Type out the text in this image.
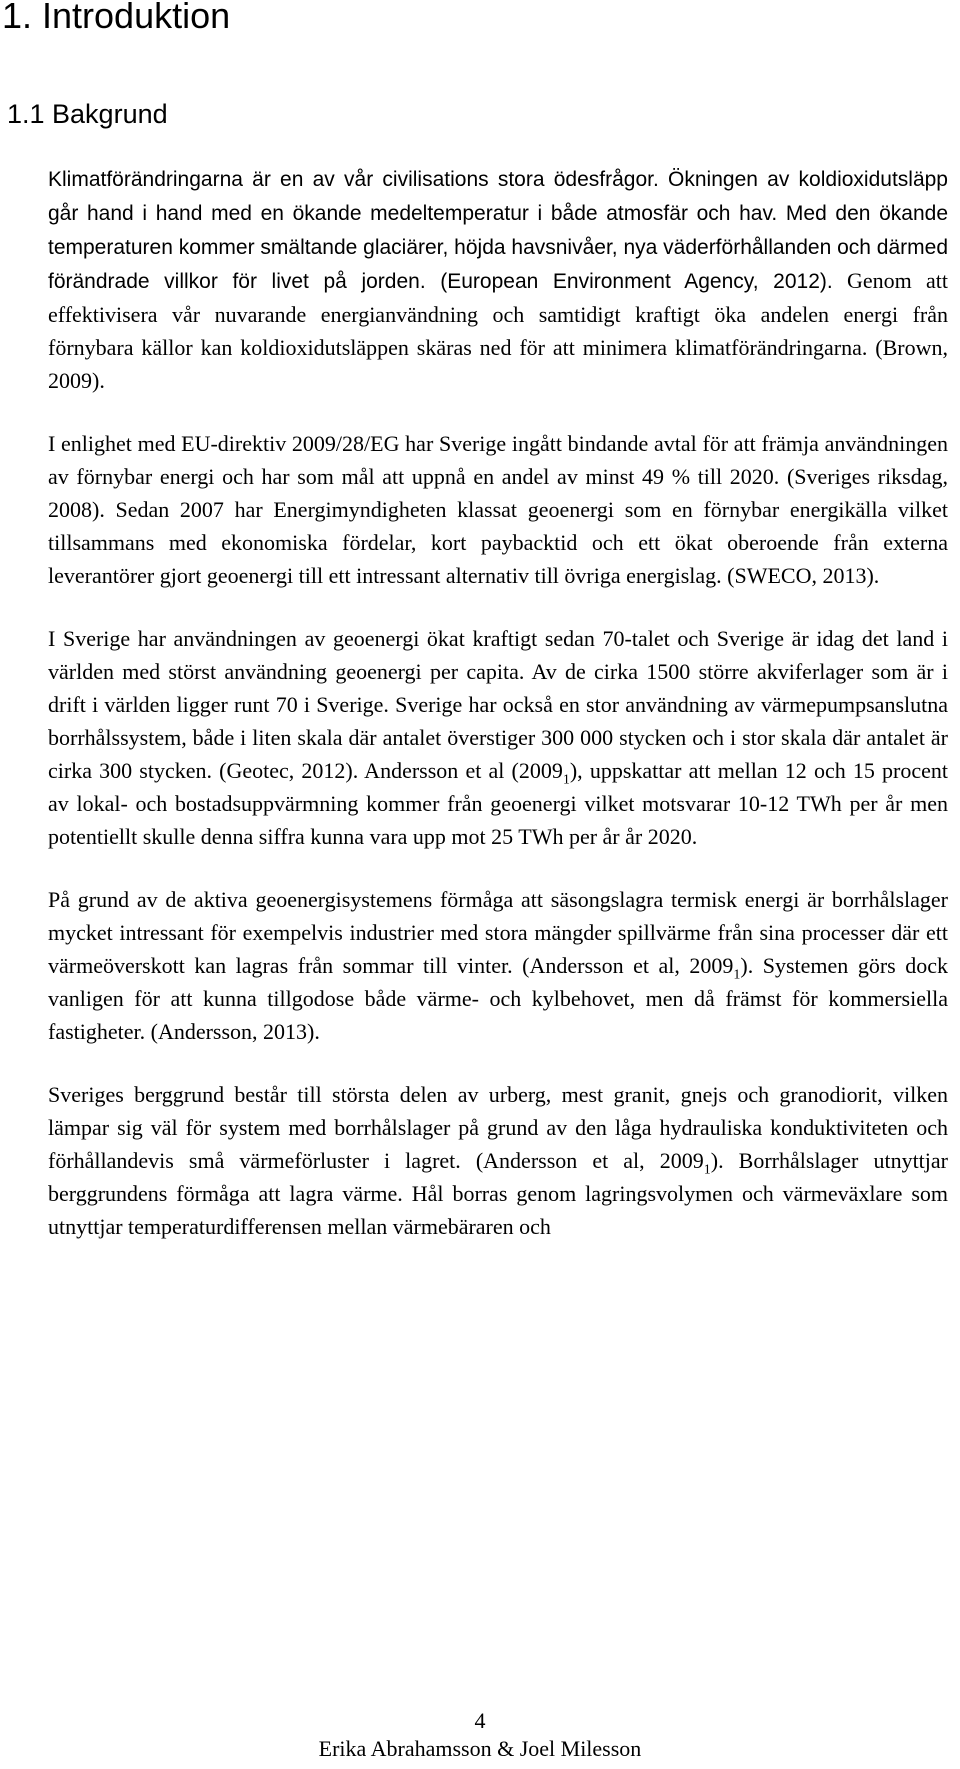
1. Introduktion
1.1 Bakgrund

Klimatförändringarna är en av vår civilisations stora ödesfrågor. Ökningen av koldioxidutsläpp går hand i hand med en ökande medeltemperatur i både atmosfär och hav. Med den ökande temperaturen kommer smältande glaciärer, höjda havsnivåer, nya väderförhållanden och därmed förändrade villkor för livet på jorden. (European Environment Agency, 2012). Genom att effektivisera vår nuvarande energianvändning och samtidigt kraftigt öka andelen energi från förnybara källor kan koldioxidutsläppen skäras ned för att minimera klimatförändringarna. (Brown, 2009).

I enlighet med EU-direktiv 2009/28/EG har Sverige ingått bindande avtal för att främja användningen av förnybar energi och har som mål att uppnå en andel av minst 49 % till 2020. (Sveriges riksdag, 2008). Sedan 2007 har Energimyndigheten klassat geoenergi som en förnybar energikälla vilket tillsammans med ekonomiska fördelar, kort paybacktid och ett ökat oberoende från externa leverantörer gjort geoenergi till ett intressant alternativ till övriga energislag. (SWECO, 2013).

I Sverige har användningen av geoenergi ökat kraftigt sedan 70-talet och Sverige är idag det land i världen med störst användning geoenergi per capita. Av de cirka 1500 större akviferlager som är i drift i världen ligger runt 70 i Sverige. Sverige har också en stor användning av värmepumpsanslutna borrhålssystem, både i liten skala där antalet överstiger 300 000 stycken och i stor skala där antalet är cirka 300 stycken. (Geotec, 2012). Andersson et al $(2009_1)$, uppskattar att mellan 12 och 15 procent av lokal- och bostadsuppvärmning kommer från geoenergi vilket motsvarar 10-12 TWh per år men potentiellt skulle denna siffra kunna vara upp mot 25 TWh per år år 2020.

På grund av de aktiva geoenergisystemens förmåga att säsongslagra termisk energi är borrhålslager mycket intressant för exempelvis industrier med stora mängder spillvärme från sina processer där ett värmeöverskott kan lagras från sommar till vinter. (Andersson et al, $2009_1$). Systemen görs dock vanligen för att kunna tillgodose både värme- och kylbehovet, men då främst för kommersiella fastigheter. (Andersson, 2013).

Sveriges berggrund består till största delen av urberg, mest granit, gnejs och granodiorit, vilken lämpar sig väl för system med borrhålslager på grund av den låga hydrauliska konduktiviteten och förhållandevis små värmeförluster i lagret. (Andersson et al, $2009_1$). Borrhålslager utnyttjar berggrundens förmåga att lagra värme. Hål borras genom lagringsvolymen och värmeväxlare som utnyttjar temperaturdifferensen mellan värmebäraren och

4
Erika Abrahamsson & Joel Milesson
